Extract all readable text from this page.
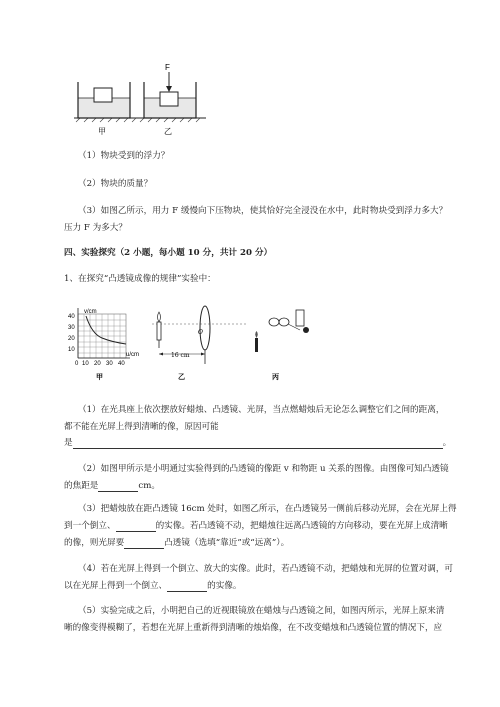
F
甲	乙
（1）物块受到的浮力？
（2）物块的质量？
（3）如图乙所示，用力 F 缓慢向下压物块，使其恰好完全浸没在水中，此时物块受到浮力多大？
压力 F 为多大？
四、实验探究（2 小题，每小题 10 分，共计 20 分）
1、在探究“凸透镜成像的规律”实验中：
v/cm
u/cm
40
30
20
10
0 10 20 30 40
甲
O
16 cm
乙	丙
（1）在光具座上依次摆放好蜡烛、凸透镜、光屏，当点燃蜡烛后无论怎么调整它们之间的距离，
都不能在光屏上得到清晰的像，原因可能
是	。
（2）如图甲所示是小明通过实验得到的凸透镜的像距 v 和物距 u 关系的图像。由图像可知凸透镜
的焦距是	cm。
（3）把蜡烛放在距凸透镜 16cm 处时，如图乙所示，在凸透镜另一侧前后移动光屏，会在光屏上得
到一个倒立、	的实像。若凸透镜不动，把蜡烛往远离凸透镜的方向移动，要在光屏上成清晰
的像，则光屏要	凸透镜（选填“靠近”或“远离”）。
（4）若在光屏上得到一个倒立、放大的实像。此时，若凸透镜不动，把蜡烛和光屏的位置对调，可
以在光屏上得到一个倒立、	的实像。
（5）实验完成之后，小明把自己的近视眼镜放在蜡烛与凸透镜之间，如图丙所示，光屏上原来清
晰的像变得模糊了，若想在光屏上重新得到清晰的烛焰像，在不改变蜡烛和凸透镜位置的情况下，应
